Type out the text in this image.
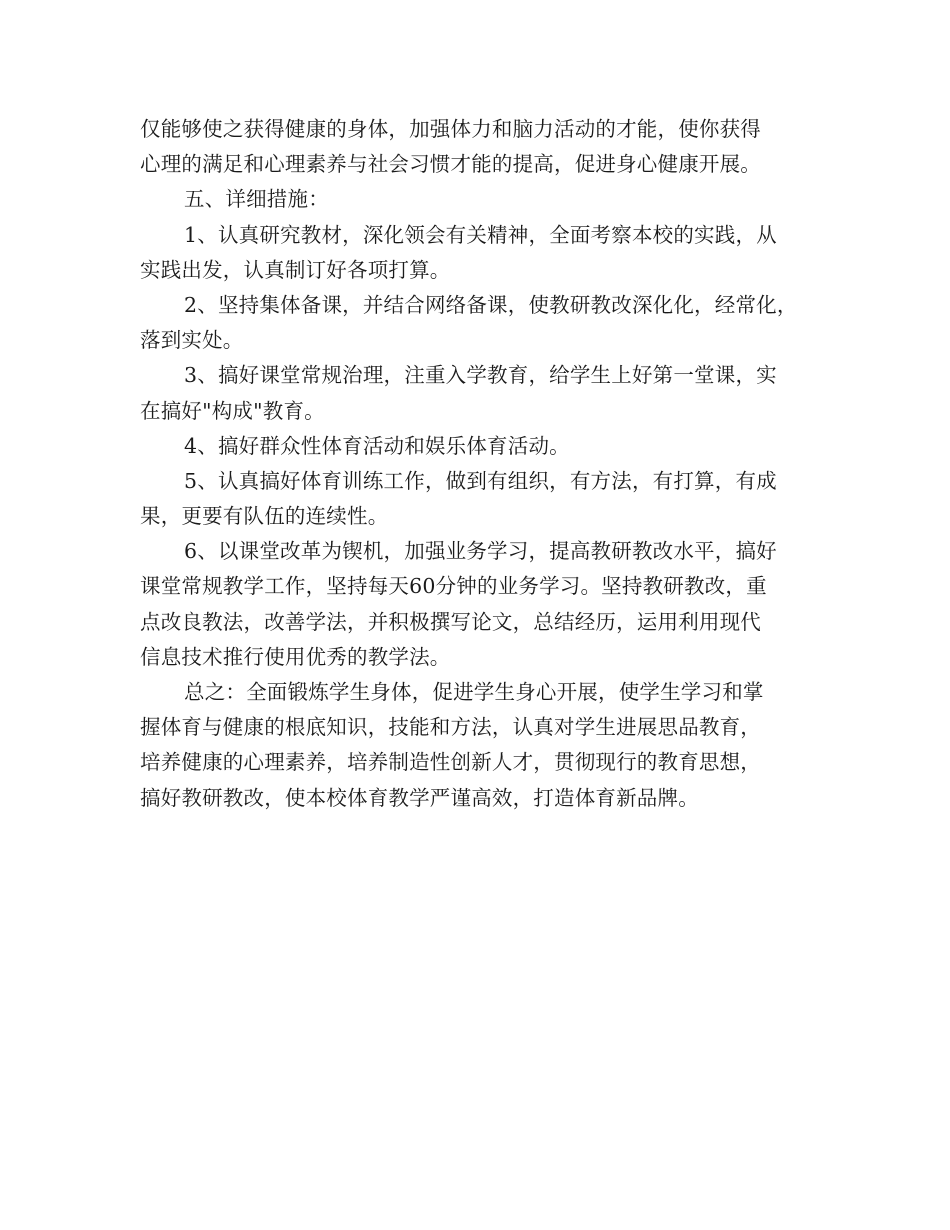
仅能够使之获得健康的身体，加强体力和脑力活动的才能，使你获得
心理的满足和心理素养与社会习惯才能的提高，促进身心健康开展。
五、详细措施：
1、认真研究教材，深化领会有关精神，全面考察本校的实践，从
实践出发，认真制订好各项打算。
2、坚持集体备课，并结合网络备课，使教研教改深化化，经常化，
落到实处。
3、搞好课堂常规治理，注重入学教育，给学生上好第一堂课，实
在搞好"构成"教育。
4、搞好群众性体育活动和娱乐体育活动。
5、认真搞好体育训练工作，做到有组织，有方法，有打算，有成
果，更要有队伍的连续性。
6、以课堂改革为锲机，加强业务学习，提高教研教改水平，搞好
课堂常规教学工作，坚持每天60分钟的业务学习。坚持教研教改，重
点改良教法，改善学法，并积极撰写论文，总结经历，运用利用现代
信息技术推行使用优秀的教学法。
总之：全面锻炼学生身体，促进学生身心开展，使学生学习和掌
握体育与健康的根底知识，技能和方法，认真对学生进展思品教育，
培养健康的心理素养，培养制造性创新人才，贯彻现行的教育思想，
搞好教研教改，使本校体育教学严谨高效，打造体育新品牌。
